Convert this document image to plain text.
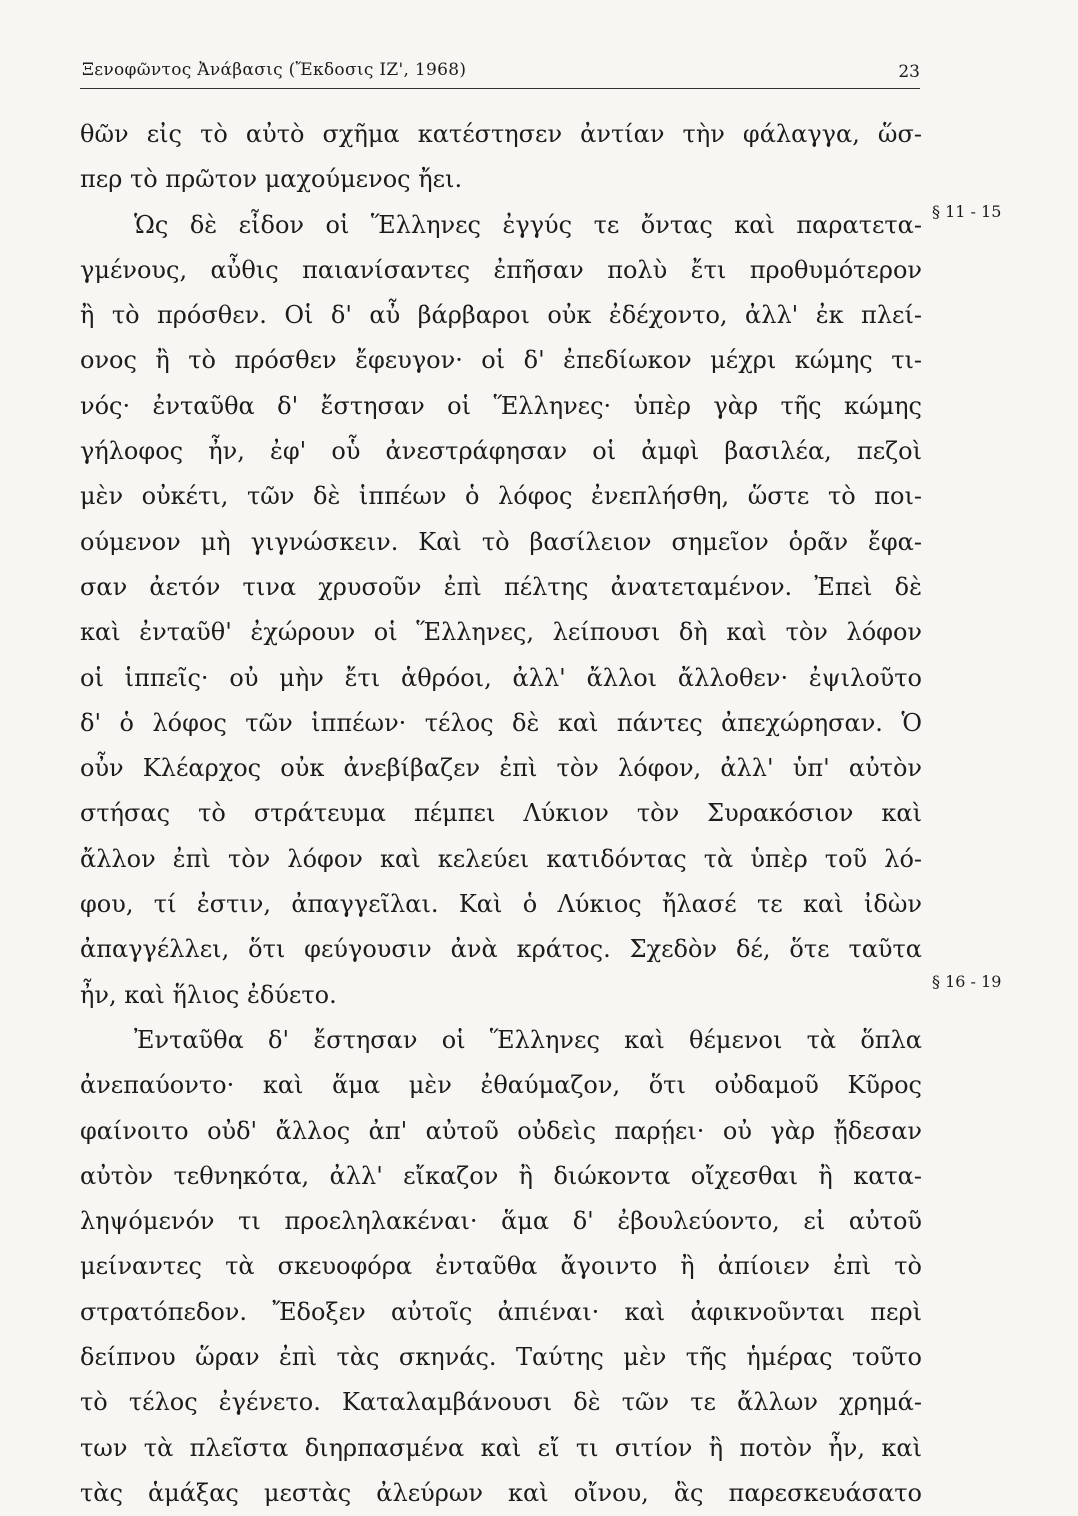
Ξενοφῶντος Ἀνάβασις (Ἔκδοσις ΙΖ', 1968)	23
θῶν εἰς τὸ αὐτὸ σχῆμα κατέστησεν ἀντίαν τὴν φάλαγγα, ὥσ-
περ τὸ πρῶτον μαχούμενος ἤει.
Ὡς δὲ εἶδον οἱ Ἕλληνες ἐγγύς τε ὄντας καὶ παρατετα-
γμένους, αὖθις παιανίσαντες ἐπῆσαν πολὺ ἔτι προθυμότερον
ἢ τὸ πρόσθεν. Οἱ δ' αὖ βάρβαροι οὐκ ἐδέχοντο, ἀλλ' ἐκ πλεί-
ονος ἢ τὸ πρόσθεν ἔφευγον· οἱ δ' ἐπεδίωκον μέχρι κώμης τι-
νός· ἐνταῦθα δ' ἔστησαν οἱ Ἕλληνες· ὑπὲρ γὰρ τῆς κώμης
γήλοφος ἦν, ἐφ' οὗ ἀνεστράφησαν οἱ ἀμφὶ βασιλέα, πεζοὶ
μὲν οὐκέτι, τῶν δὲ ἱππέων ὁ λόφος ἐνεπλήσθη, ὥστε τὸ ποι-
ούμενον μὴ γιγνώσκειν. Καὶ τὸ βασίλειον σημεῖον ὁρᾶν ἔφα-
σαν ἀετόν τινα χρυσοῦν ἐπὶ πέλτης ἀνατεταμένον. Ἐπεὶ δὲ
καὶ ἐνταῦθ' ἐχώρουν οἱ Ἕλληνες, λείπουσι δὴ καὶ τὸν λόφον
οἱ ἱππεῖς· οὐ μὴν ἔτι ἁθρόοι, ἀλλ' ἄλλοι ἄλλοθεν· ἐψιλοῦτο
δ' ὁ λόφος τῶν ἱππέων· τέλος δὲ καὶ πάντες ἀπεχώρησαν. Ὁ
οὖν Κλέαρχος οὐκ ἀνεβίβαζεν ἐπὶ τὸν λόφον, ἀλλ' ὑπ' αὐτὸν
στήσας τὸ στράτευμα πέμπει Λύκιον τὸν Συρακόσιον καὶ
ἄλλον ἐπὶ τὸν λόφον καὶ κελεύει κατιδόντας τὰ ὑπὲρ τοῦ λό-
φου, τί ἐστιν, ἀπαγγεῖλαι. Καὶ ὁ Λύκιος ἤλασέ τε καὶ ἰδὼν
ἀπαγγέλλει, ὅτι φεύγουσιν ἀνὰ κράτος. Σχεδὸν δέ, ὅτε ταῦτα
ἦν, καὶ ἥλιος ἐδύετο.
Ἐνταῦθα δ' ἔστησαν οἱ Ἕλληνες καὶ θέμενοι τὰ ὅπλα
ἀνεπαύοντο· καὶ ἅμα μὲν ἐθαύμαζον, ὅτι οὐδαμοῦ Κῦρος
φαίνοιτο οὐδ' ἄλλος ἀπ' αὐτοῦ οὐδεὶς παρῄει· οὐ γὰρ ᾔδεσαν
αὐτὸν τεθνηκότα, ἀλλ' εἴκαζον ἢ διώκοντα οἴχεσθαι ἢ κατα-
ληψόμενόν τι προεληλακέναι· ἅμα δ' ἐβουλεύοντο, εἰ αὐτοῦ
μείναντες τὰ σκευοφόρα ἐνταῦθα ἄγοιντο ἢ ἀπίοιεν ἐπὶ τὸ
στρατόπεδον. Ἔδοξεν αὐτοῖς ἀπιέναι· καὶ ἀφικνοῦνται περὶ
δείπνου ὥραν ἐπὶ τὰς σκηνάς. Ταύτης μὲν τῆς ἡμέρας τοῦτο
τὸ τέλος ἐγένετο. Καταλαμβάνουσι δὲ τῶν τε ἄλλων χρημά-
των τὰ πλεῖστα διηρπασμένα καὶ εἴ τι σιτίον ἢ ποτὸν ἦν, καὶ
τὰς ἁμάξας μεστὰς ἀλεύρων καὶ οἴνου, ἃς παρεσκευάσατο
§ 11 - 15
§ 16 - 19
